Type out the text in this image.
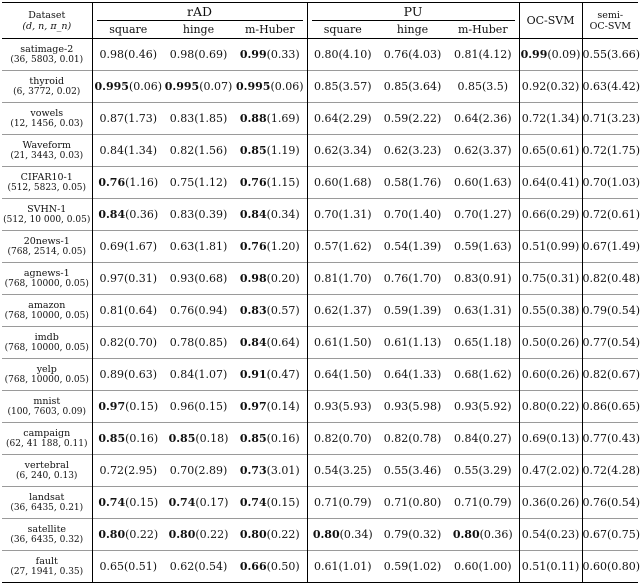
Dataset
(d, n, π_n)	rAD			PU			OC-SVM	semi-
OC-SVM

	square	hinge	m-Huber	square	hinge	m-Huber		

satimage-2
(36, 5803, 0.01)	0.98(0.46)	0.98(0.69)	0.99(0.33)	0.80(4.10)	0.76(4.03)	0.81(4.12)	0.99(0.09)	0.55(3.66)

thyroid
(6, 3772, 0.02)	0.995(0.06)	0.995(0.07)	0.995(0.06)	0.85(3.57)	0.85(3.64)	0.85(3.5)	0.92(0.32)	0.63(4.42)

vowels
(12, 1456, 0.03)	0.87(1.73)	0.83(1.85)	0.88(1.69)	0.64(2.29)	0.59(2.22)	0.64(2.36)	0.72(1.34)	0.71(3.23)

Waveform
(21, 3443, 0.03)	0.84(1.34)	0.82(1.56)	0.85(1.19)	0.62(3.34)	0.62(3.23)	0.62(3.37)	0.65(0.61)	0.72(1.75)

CIFAR10-1
(512, 5823, 0.05)	0.76(1.16)	0.75(1.12)	0.76(1.15)	0.60(1.68)	0.58(1.76)	0.60(1.63)	0.64(0.41)	0.70(1.03)

SVHN-1
(512, 10 000, 0.05)	0.84(0.36)	0.83(0.39)	0.84(0.34)	0.70(1.31)	0.70(1.40)	0.70(1.27)	0.66(0.29)	0.72(0.61)

20news-1
(768, 2514, 0.05)	0.69(1.67)	0.63(1.81)	0.76(1.20)	0.57(1.62)	0.54(1.39)	0.59(1.63)	0.51(0.99)	0.67(1.49)

agnews-1
(768, 10000, 0.05)	0.97(0.31)	0.93(0.68)	0.98(0.20)	0.81(1.70)	0.76(1.70)	0.83(0.91)	0.75(0.31)	0.82(0.48)

amazon
(768, 10000, 0.05)	0.81(0.64)	0.76(0.94)	0.83(0.57)	0.62(1.37)	0.59(1.39)	0.63(1.31)	0.55(0.38)	0.79(0.54)

imdb
(768, 10000, 0.05)	0.82(0.70)	0.78(0.85)	0.84(0.64)	0.61(1.50)	0.61(1.13)	0.65(1.18)	0.50(0.26)	0.77(0.54)

yelp
(768, 10000, 0.05)	0.89(0.63)	0.84(1.07)	0.91(0.47)	0.64(1.50)	0.64(1.33)	0.68(1.62)	0.60(0.26)	0.82(0.67)

mnist
(100, 7603, 0.09)	0.97(0.15)	0.96(0.15)	0.97(0.14)	0.93(5.93)	0.93(5.98)	0.93(5.92)	0.80(0.22)	0.86(0.65)

campaign
(62, 41 188, 0.11)	0.85(0.16)	0.85(0.18)	0.85(0.16)	0.82(0.70)	0.82(0.78)	0.84(0.27)	0.69(0.13)	0.77(0.43)

vertebral
(6, 240, 0.13)	0.72(2.95)	0.70(2.89)	0.73(3.01)	0.54(3.25)	0.55(3.46)	0.55(3.29)	0.47(2.02)	0.72(4.28)

landsat
(36, 6435, 0.21)	0.74(0.15)	0.74(0.17)	0.74(0.15)	0.71(0.79)	0.71(0.80)	0.71(0.79)	0.36(0.26)	0.76(0.54)

satellite
(36, 6435, 0.32)	0.80(0.22)	0.80(0.22)	0.80(0.22)	0.80(0.34)	0.79(0.32)	0.80(0.36)	0.54(0.23)	0.67(0.75)

fault
(27, 1941, 0.35)	0.65(0.51)	0.62(0.54)	0.66(0.50)	0.61(1.01)	0.59(1.02)	0.60(1.00)	0.51(0.11)	0.60(0.80)
